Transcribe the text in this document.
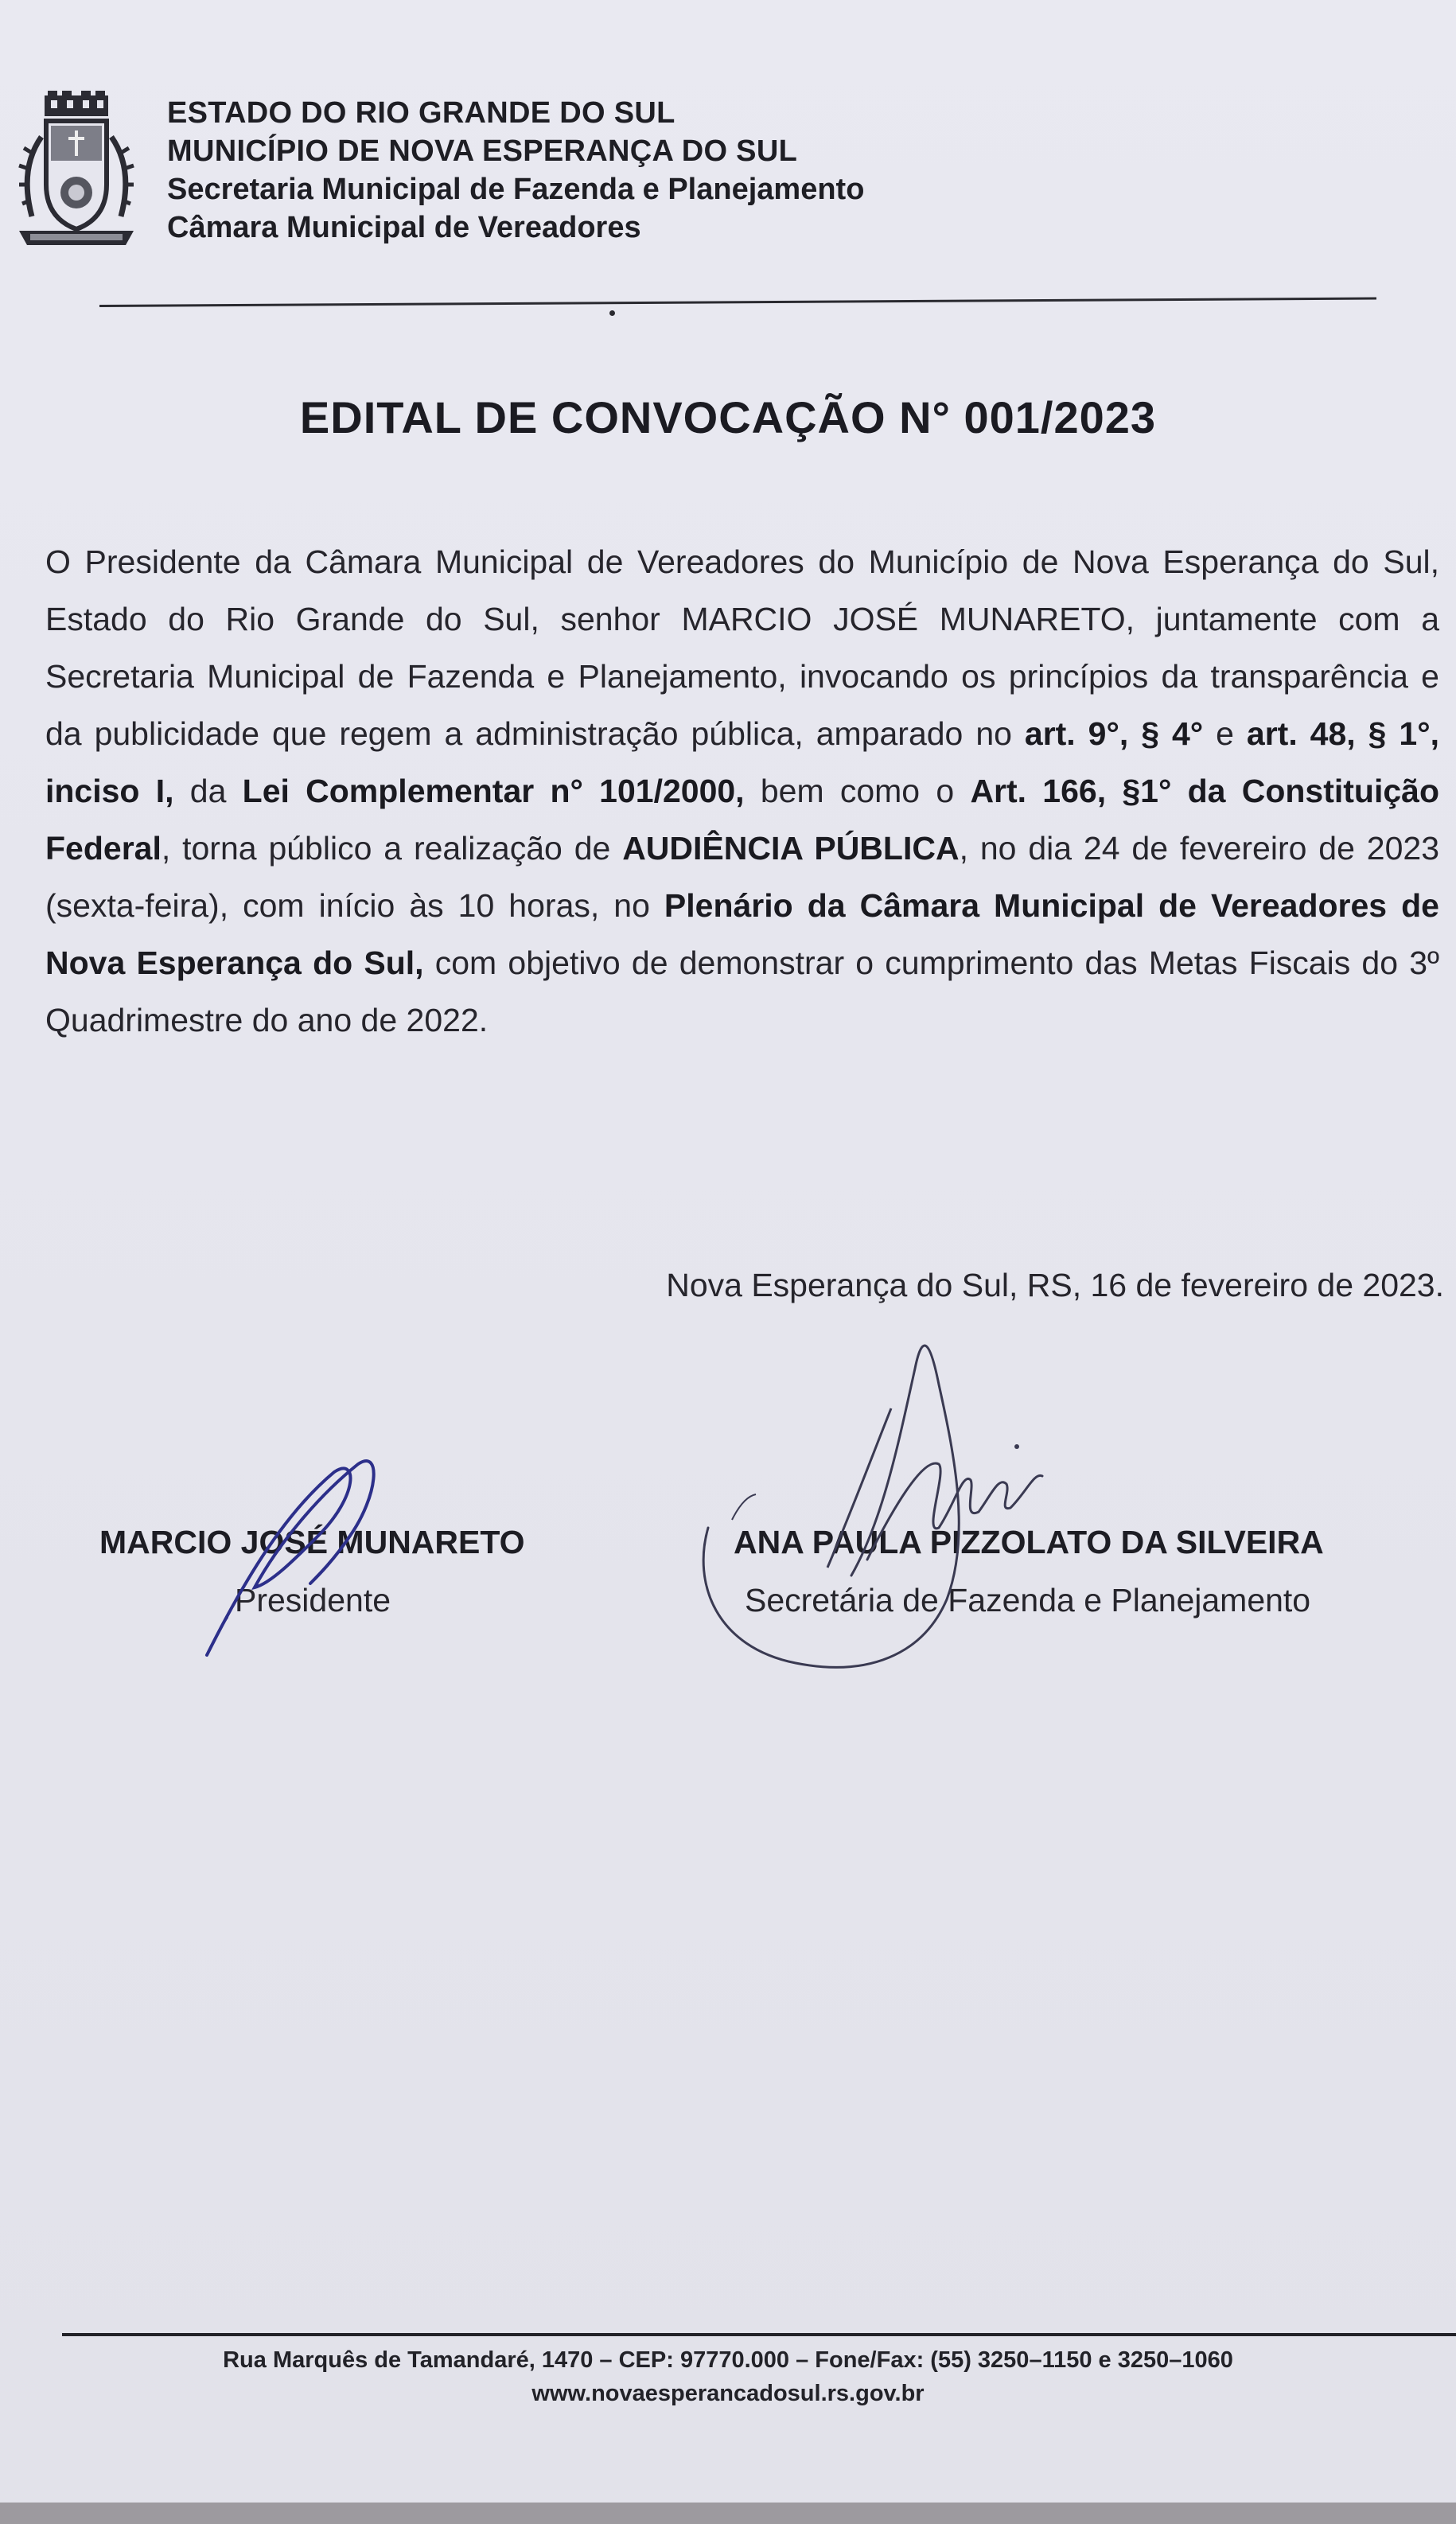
ESTADO DO RIO GRANDE DO SUL
MUNICÍPIO DE NOVA ESPERANÇA DO SUL
Secretaria Municipal de Fazenda e Planejamento
Câmara Municipal de Vereadores
EDITAL DE CONVOCAÇÃO N° 001/2023
O Presidente da Câmara Municipal de Vereadores do Município de Nova Esperança do Sul, Estado do Rio Grande do Sul, senhor MARCIO JOSÉ MUNARETO, juntamente com a Secretaria Municipal de Fazenda e Planejamento, invocando os princípios da transparência e da publicidade que regem a administração pública, amparado no art. 9°, § 4° e art. 48, § 1°, inciso I, da Lei Complementar n° 101/2000, bem como o Art. 166, §1° da Constituição Federal, torna público a realização de AUDIÊNCIA PÚBLICA, no dia 24 de fevereiro de 2023 (sexta-feira), com início às 10 horas, no Plenário da Câmara Municipal de Vereadores de Nova Esperança do Sul, com objetivo de demonstrar o cumprimento das Metas Fiscais do 3º Quadrimestre do ano de 2022.
Nova Esperança do Sul, RS, 16 de fevereiro de 2023.
MARCIO JOSÉ MUNARETO
Presidente
ANA PAULA PIZZOLATO DA SILVEIRA
Secretária de Fazenda e Planejamento
Rua Marquês de Tamandaré, 1470 – CEP: 97770.000 – Fone/Fax: (55) 3250–1150 e 3250–1060
www.novaesperancadosul.rs.gov.br
